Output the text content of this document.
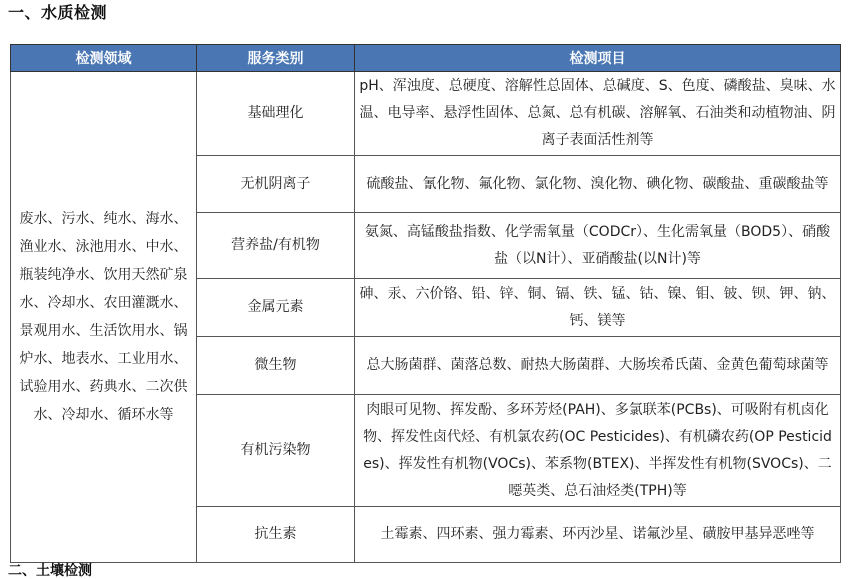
一、水质检测
检测领域	服务类别	检测项目
废水、污水、纯水、海水、渔业水、泳池用水、中水、瓶装纯净水、饮用天然矿泉水、冷却水、农田灌溉水、景观用水、生活饮用水、锅炉水、地表水、工业用水、试验用水、药典水、二次供水、冷却水、循环水等	基础理化	pH、浑浊度、总硬度、溶解性总固体、总碱度、S、色度、磷酸盐、臭味、水温、电导率、悬浮性固体、总氮、总有机碳、溶解氧、石油类和动植物油、阴离子表面活性剂等
	无机阴离子	硫酸盐、氰化物、氟化物、氯化物、溴化物、碘化物、碳酸盐、重碳酸盐等
	营养盐/有机物	氨氮、高锰酸盐指数、化学需氧量（CODCr）、生化需氧量（BOD5）、硝酸盐（以N计）、亚硝酸盐(以N计)等
	金属元素	砷、汞、六价铬、铅、锌、铜、镉、铁、锰、钴、镍、钼、铍、钡、钾、钠、钙、镁等
	微生物	总大肠菌群、菌落总数、耐热大肠菌群、大肠埃希氏菌、金黄色葡萄球菌等
	有机污染物	肉眼可见物、挥发酚、多环芳烃(PAH)、多氯联苯(PCBs)、可吸附有机卤化物、挥发性卤代烃、有机氯农药(OC Pesticides)、有机磷农药(OP Pesticides)、挥发性有机物(VOCs)、苯系物(BTEX)、半挥发性有机物(SVOCs)、二噁英类、总石油烃类(TPH)等
	抗生素	土霉素、四环素、强力霉素、环丙沙星、诺氟沙星、磺胺甲基异恶唑等
二、土壤检测
